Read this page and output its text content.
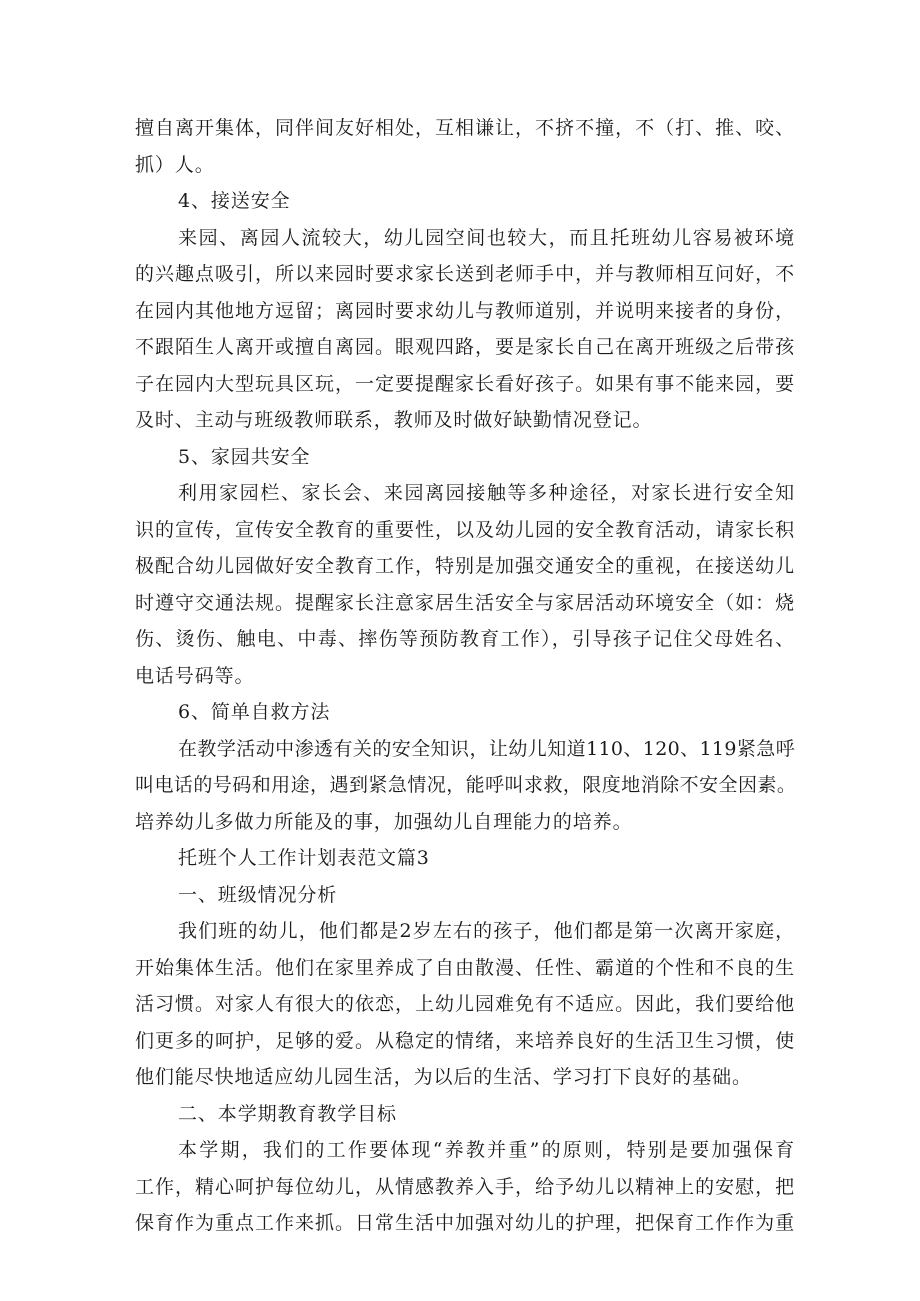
擅自离开集体，同伴间友好相处，互相谦让，不挤不撞，不（打、推、咬、
抓）人。
4、接送安全
来园、离园人流较大，幼儿园空间也较大，而且托班幼儿容易被环境
的兴趣点吸引，所以来园时要求家长送到老师手中，并与教师相互问好，不
在园内其他地方逗留；离园时要求幼儿与教师道别，并说明来接者的身份，
不跟陌生人离开或擅自离园。眼观四路，要是家长自己在离开班级之后带孩
子在园内大型玩具区玩，一定要提醒家长看好孩子。如果有事不能来园，要
及时、主动与班级教师联系，教师及时做好缺勤情况登记。
5、家园共安全
利用家园栏、家长会、来园离园接触等多种途径，对家长进行安全知
识的宣传，宣传安全教育的重要性，以及幼儿园的安全教育活动，请家长积
极配合幼儿园做好安全教育工作，特别是加强交通安全的重视，在接送幼儿
时遵守交通法规。提醒家长注意家居生活安全与家居活动环境安全（如：烧
伤、烫伤、触电、中毒、摔伤等预防教育工作），引导孩子记住父母姓名、
电话号码等。
6、简单自救方法
在教学活动中渗透有关的安全知识，让幼儿知道110、120、119紧急呼
叫电话的号码和用途，遇到紧急情况，能呼叫求救，限度地消除不安全因素。
培养幼儿多做力所能及的事，加强幼儿自理能力的培养。
托班个人工作计划表范文篇3
一、班级情况分析
我们班的幼儿，他们都是2岁左右的孩子，他们都是第一次离开家庭，
开始集体生活。他们在家里养成了自由散漫、任性、霸道的个性和不良的生
活习惯。对家人有很大的依恋，上幼儿园难免有不适应。因此，我们要给他
们更多的呵护，足够的爱。从稳定的情绪，来培养良好的生活卫生习惯，使
他们能尽快地适应幼儿园生活，为以后的生活、学习打下良好的基础。
二、本学期教育教学目标
本学期，我们的工作要体现“养教并重”的原则，特别是要加强保育
工作，精心呵护每位幼儿，从情感教养入手，给予幼儿以精神上的安慰，把
保育作为重点工作来抓。日常生活中加强对幼儿的护理，把保育工作作为重
